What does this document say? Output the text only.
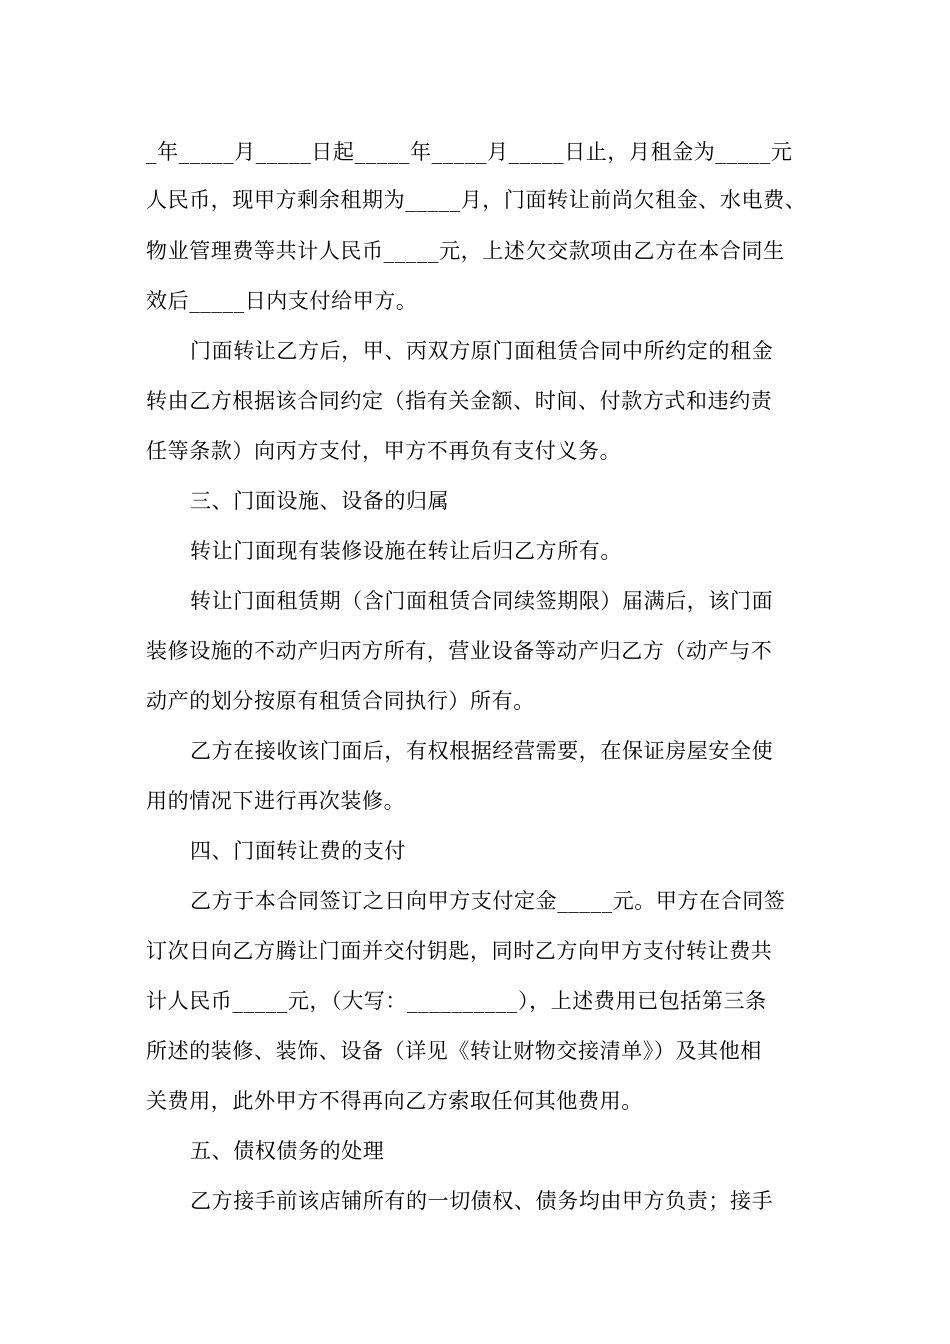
_年_____月_____日起_____年_____月_____日止，月租金为_____元
人民币，现甲方剩余租期为_____月，门面转让前尚欠租金、水电费、
物业管理费等共计人民币_____元，上述欠交款项由乙方在本合同生
效后_____日内支付给甲方。
门面转让乙方后，甲、丙双方原门面租赁合同中所约定的租金
转由乙方根据该合同约定（指有关金额、时间、付款方式和违约责
任等条款）向丙方支付，甲方不再负有支付义务。
三、门面设施、设备的归属
转让门面现有装修设施在转让后归乙方所有。
转让门面租赁期（含门面租赁合同续签期限）届满后，该门面
装修设施的不动产归丙方所有，营业设备等动产归乙方（动产与不
动产的划分按原有租赁合同执行）所有。
乙方在接收该门面后，有权根据经营需要，在保证房屋安全使
用的情况下进行再次装修。
四、门面转让费的支付
乙方于本合同签订之日向甲方支付定金_____元。甲方在合同签
订次日向乙方腾让门面并交付钥匙，同时乙方向甲方支付转让费共
计人民币_____元，（大写：__________），上述费用已包括第三条
所述的装修、装饰、设备（详见《转让财物交接清单》）及其他相
关费用，此外甲方不得再向乙方索取任何其他费用。
五、债权债务的处理
乙方接手前该店铺所有的一切债权、债务均由甲方负责；接手
